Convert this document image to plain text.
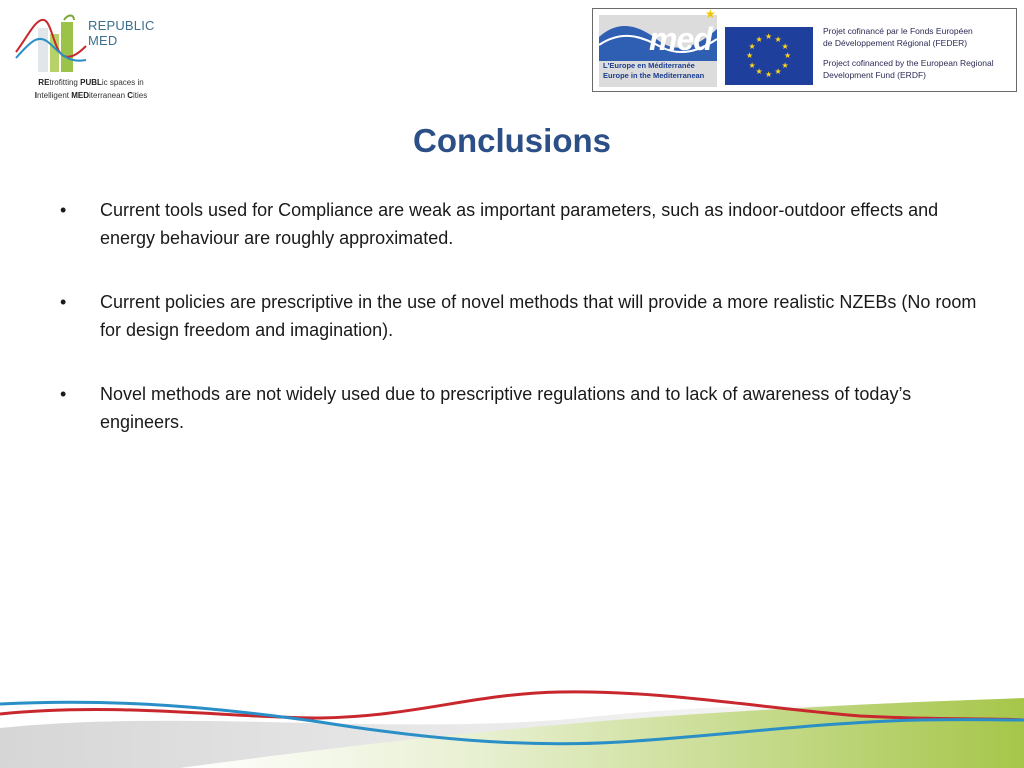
REPUBLIC
MED
REtrofitting PUBLic spaces in
Intelligent MEDiterranean Cities
med
L'Europe en Méditerranée
Europe in the Mediterranean
★
★ ★
★
★
★
★
★
★
★
★
★
★
Projet cofinancé par le Fonds Européen
de Développement Régional (FEDER)
Project cofinanced by the European Regional
Development Fund (ERDF)
Conclusions
• Current tools used for Compliance are weak as important parameters, such as indoor-outdoor effects and energy behaviour are roughly approximated.
• Current policies are prescriptive in the use of novel methods that will provide a more realistic NZEBs (No room for design freedom and imagination).
• Novel methods are not widely used due to prescriptive regulations and to lack of awareness of today’s engineers.
